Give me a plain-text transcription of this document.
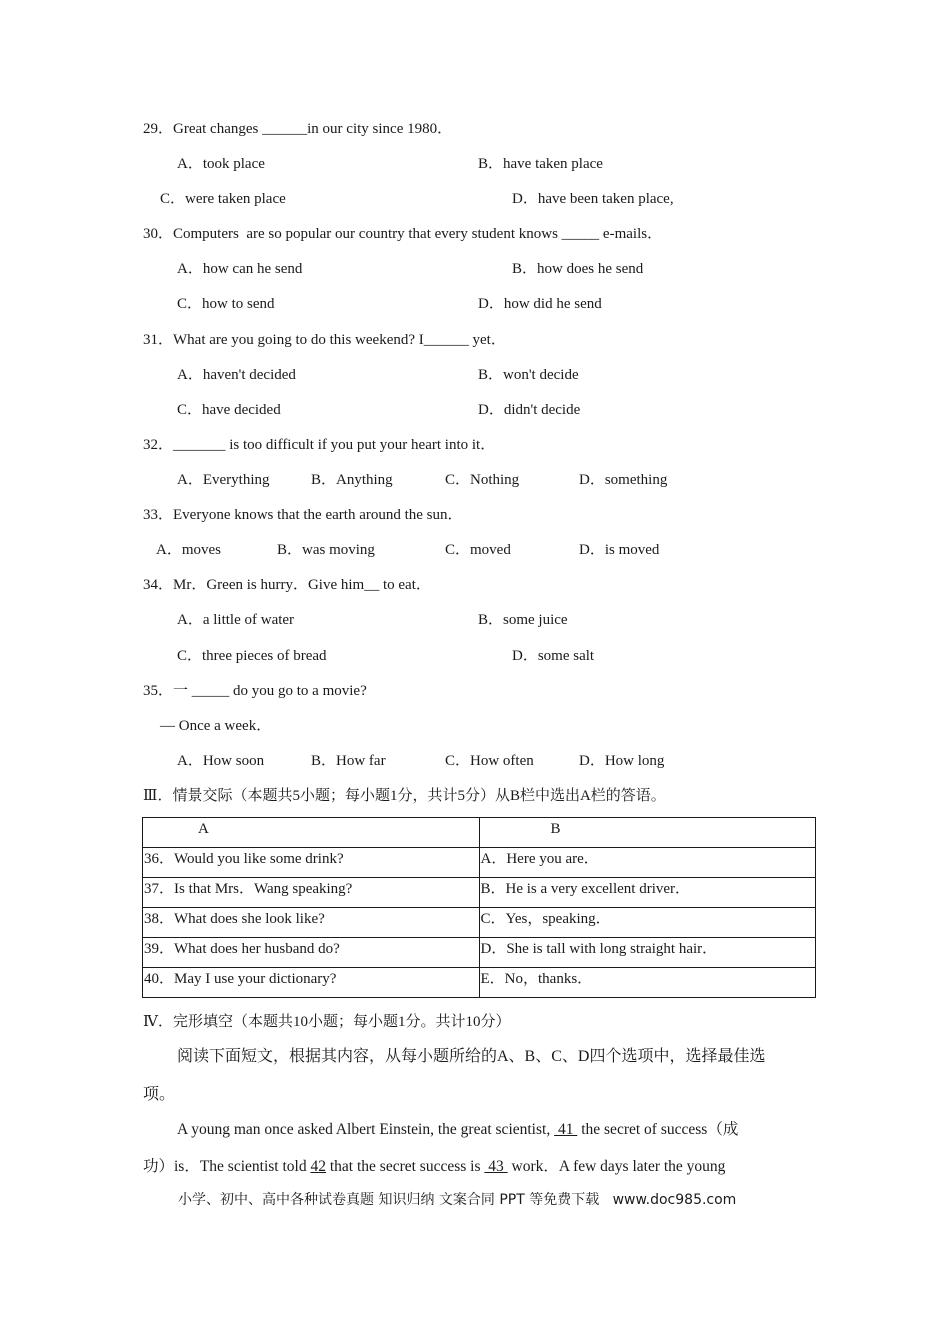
29．Great changes ______in our city since 1980．
A．took place	B．have taken place
C．were taken place	D．have been taken place,
30．Computers  are so popular our country that every student knows _____ e-mails．
A．how can he send	B．how does he send
C．how to send	D．how did he send
31．What are you going to do this weekend? I______ yet．
A．haven't decided	B．won't decide
C．have decided	D．didn't decide
32．_______ is too difficult if you put your heart into it．
A．Everything	B．Anything	C．Nothing	D．something
33．Everyone knows that the earth around the sun．
A．moves	B．was moving	C．moved	D．is moved
34．Mr．Green is hurry．Give him__ to eat．
A．a little of water	B．some juice
C．three pieces of bread	D．some salt
35．一 _____ do you go to a movie?
— Once a week．
A．How soon	B．How far	C．How often	D．How long
Ⅲ．情景交际（本题共5小题；每小题1分，共计5分）从B栏中选出A栏的答语。
A	B
36．Would you like some drink?	A．Here you are．
37．Is that Mrs．Wang speaking?	B．He is a very excellent driver．
38．What does she look like?	C．Yes，speaking．
39．What does her husband do?	D．She is tall with long straight hair．
40．May I use your dictionary?	E．No，thanks．
Ⅳ．完形填空（本题共10小题；每小题1分。共计10分）
阅读下面短文，根据其内容，从每小题所给的A、B、C、D四个选项中，选择最佳选
项。
A young man once asked Albert Einstein, the great scientist,  41  the secret of success（成
功）is．The scientist told 42 that the secret success is  43  work．A few days later the young
小学、初中、高中各种试卷真题 知识归纳 文案合同 PPT 等免费下载   www.doc985.com
